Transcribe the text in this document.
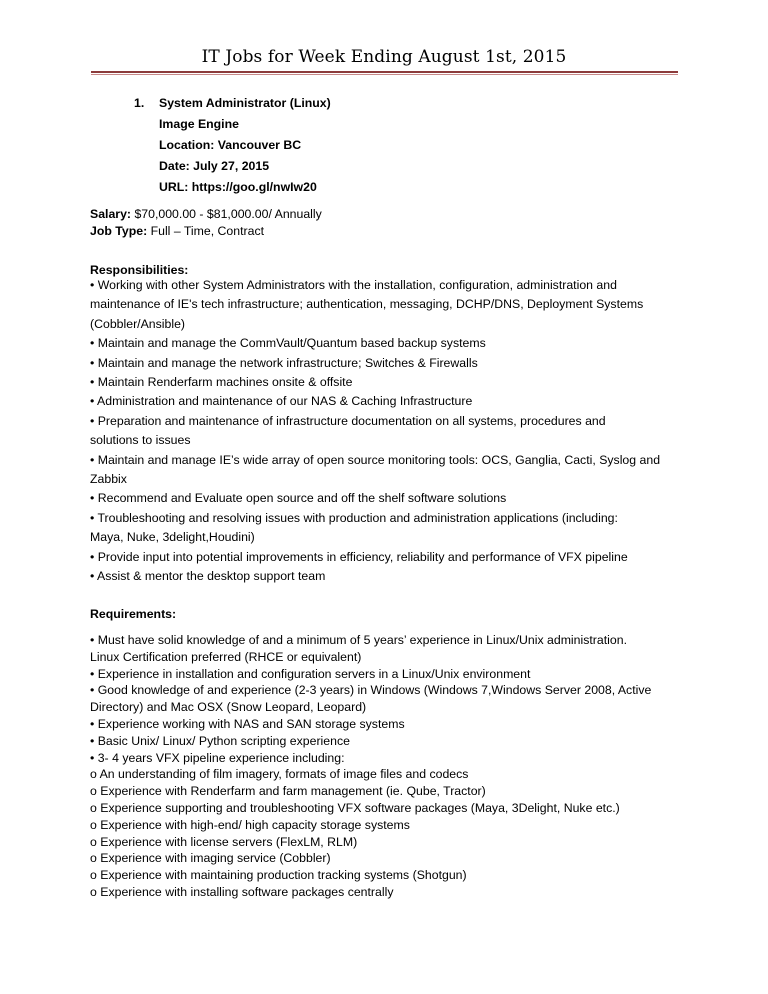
IT Jobs for Week Ending August 1st, 2015
1. System Administrator (Linux)
Image Engine
Location: Vancouver BC
Date: July 27, 2015
URL: https://goo.gl/nwIw20
Salary: $70,000.00 - $81,000.00/ Annually
Job Type: Full – Time, Contract
Responsibilities:
• Working with other System Administrators with the installation, configuration, administration and
maintenance of IE's tech infrastructure; authentication, messaging, DCHP/DNS, Deployment Systems
(Cobbler/Ansible)
• Maintain and manage the CommVault/Quantum based backup systems
• Maintain and manage the network infrastructure; Switches & Firewalls
• Maintain Renderfarm machines onsite & offsite
• Administration and maintenance of our NAS & Caching Infrastructure
• Preparation and maintenance of infrastructure documentation on all systems, procedures and
solutions to issues
• Maintain and manage IE’s wide array of open source monitoring tools: OCS, Ganglia, Cacti, Syslog and
Zabbix
• Recommend and Evaluate open source and off the shelf software solutions
• Troubleshooting and resolving issues with production and administration applications (including:
Maya, Nuke, 3delight,Houdini)
• Provide input into potential improvements in efficiency, reliability and performance of VFX pipeline
• Assist & mentor the desktop support team
Requirements:
• Must have solid knowledge of and a minimum of 5 years’ experience in Linux/Unix administration.
Linux Certification preferred (RHCE or equivalent)
• Experience in installation and configuration servers in a Linux/Unix environment
• Good knowledge of and experience (2-3 years) in Windows (Windows 7,Windows Server 2008, Active
Directory) and Mac OSX (Snow Leopard, Leopard)
• Experience working with NAS and SAN storage systems
• Basic Unix/ Linux/ Python scripting experience
• 3- 4 years VFX pipeline experience including:
o An understanding of film imagery, formats of image files and codecs
o Experience with Renderfarm and farm management (ie. Qube, Tractor)
o Experience supporting and troubleshooting VFX software packages (Maya, 3Delight, Nuke etc.)
o Experience with high-end/ high capacity storage systems
o Experience with license servers (FlexLM, RLM)
o Experience with imaging service (Cobbler)
o Experience with maintaining production tracking systems (Shotgun)
o Experience with installing software packages centrally
